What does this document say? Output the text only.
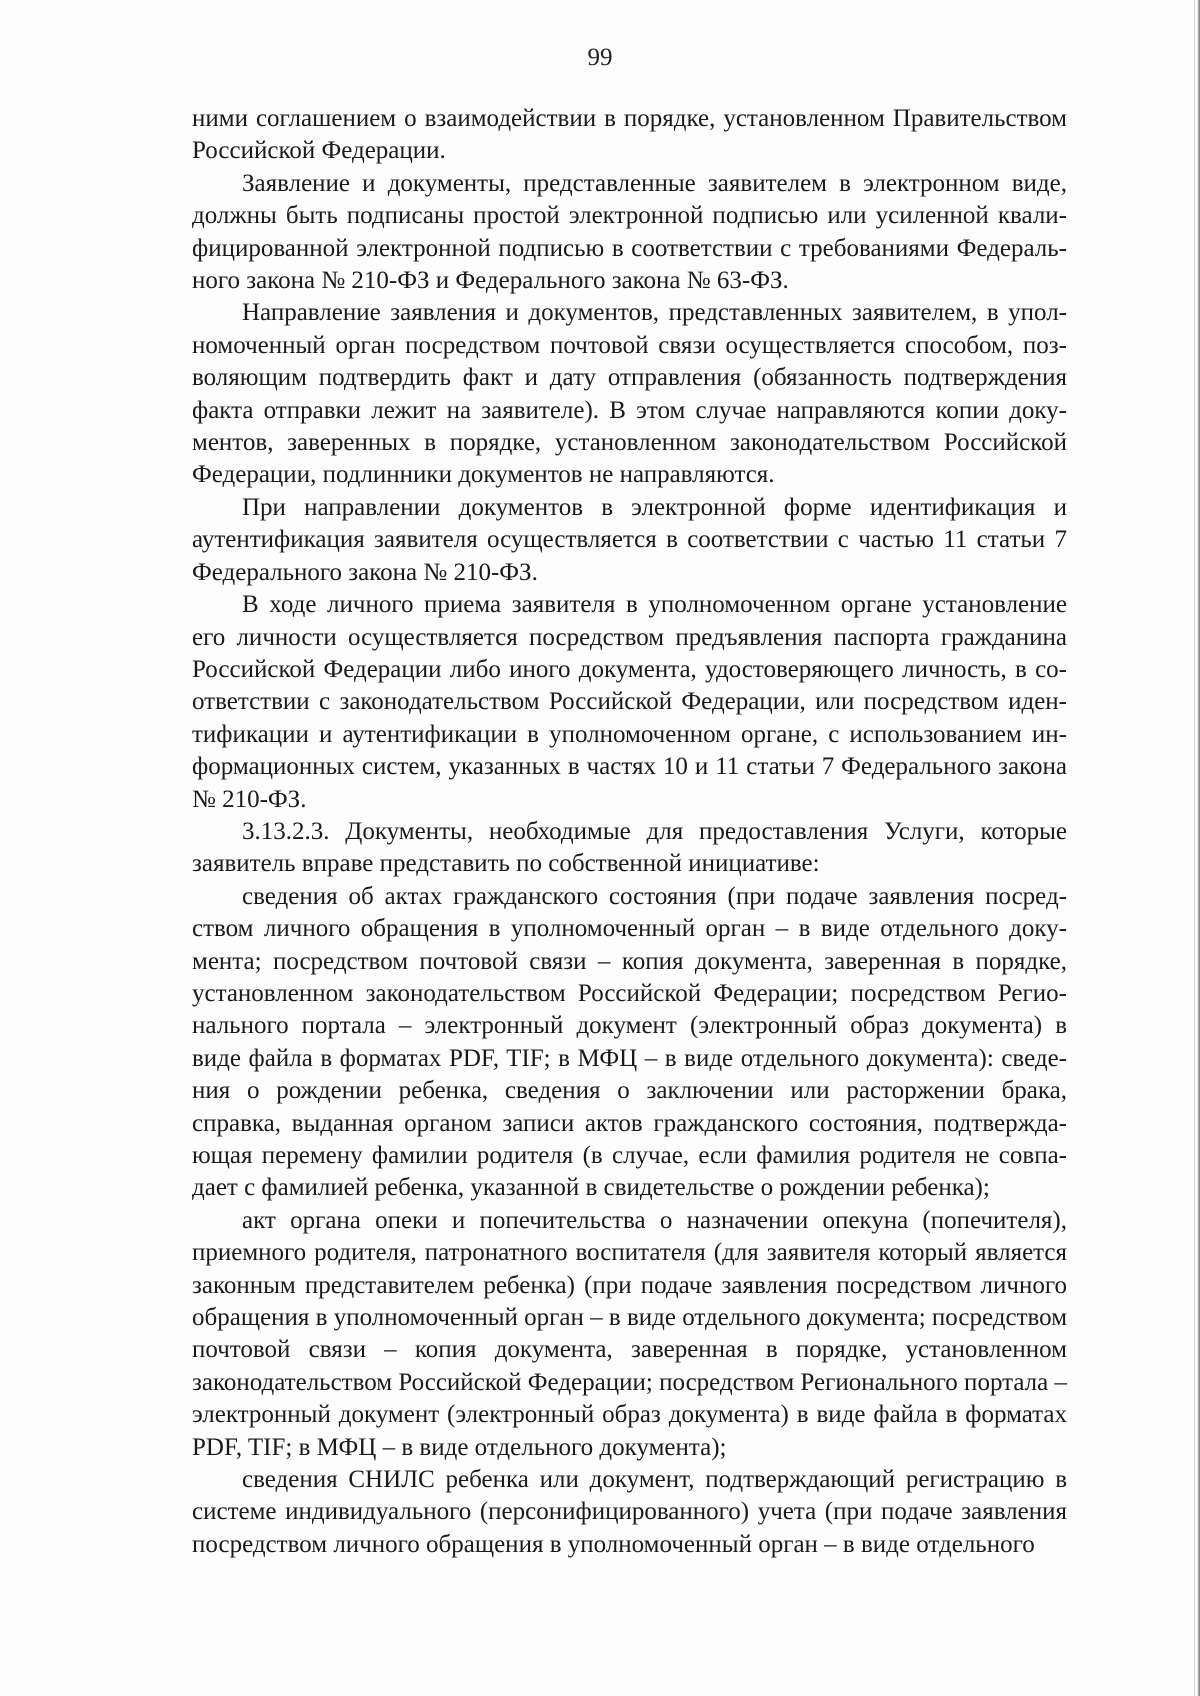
99

ними соглашением о взаимодействии в порядке, установленном Правительством Российской Федерации.

Заявление и документы, представленные заявителем в электронном виде, должны быть подписаны простой электронной подписью или усиленной квалифицированной электронной подписью в соответствии с требованиями Федерального закона № 210-ФЗ и Федерального закона № 63-ФЗ.

Направление заявления и документов, представленных заявителем, в уполномоченный орган посредством почтовой связи осуществляется способом, позволяющим подтвердить факт и дату отправления (обязанность подтверждения факта отправки лежит на заявителе). В этом случае направляются копии документов, заверенных в порядке, установленном законодательством Российской Федерации, подлинники документов не направляются.

При направлении документов в электронной форме идентификация и аутентификация заявителя осуществляется в соответствии с частью 11 статьи 7 Федерального закона № 210-ФЗ.

В ходе личного приема заявителя в уполномоченном органе установление его личности осуществляется посредством предъявления паспорта гражданина Российской Федерации либо иного документа, удостоверяющего личность, в соответствии с законодательством Российской Федерации, или посредством идентификации и аутентификации в уполномоченном органе, с использованием информационных систем, указанных в частях 10 и 11 статьи 7 Федерального закона № 210-ФЗ.

3.13.2.3. Документы, необходимые для предоставления Услуги, которые заявитель вправе представить по собственной инициативе:

сведения об актах гражданского состояния (при подаче заявления посредством личного обращения в уполномоченный орган – в виде отдельного документа; посредством почтовой связи – копия документа, заверенная в порядке, установленном законодательством Российской Федерации; посредством Регионального портала – электронный документ (электронный образ документа) в виде файла в форматах PDF, TIF; в МФЦ – в виде отдельного документа): сведения о рождении ребенка, сведения о заключении или расторжении брака, справка, выданная органом записи актов гражданского состояния, подтверждающая перемену фамилии родителя (в случае, если фамилия родителя не совпадает с фамилией ребенка, указанной в свидетельстве о рождении ребенка);

акт органа опеки и попечительства о назначении опекуна (попечителя), приемного родителя, патронатного воспитателя (для заявителя который является законным представителем ребенка) (при подаче заявления посредством личного обращения в уполномоченный орган – в виде отдельного документа; посредством почтовой связи – копия документа, заверенная в порядке, установленном законодательством Российской Федерации; посредством Регионального портала – электронный документ (электронный образ документа) в виде файла в форматах PDF, TIF; в МФЦ – в виде отдельного документа);

сведения СНИЛС ребенка или документ, подтверждающий регистрацию в системе индивидуального (персонифицированного) учета (при подаче заявления посредством личного обращения в уполномоченный орган – в виде отдельного
